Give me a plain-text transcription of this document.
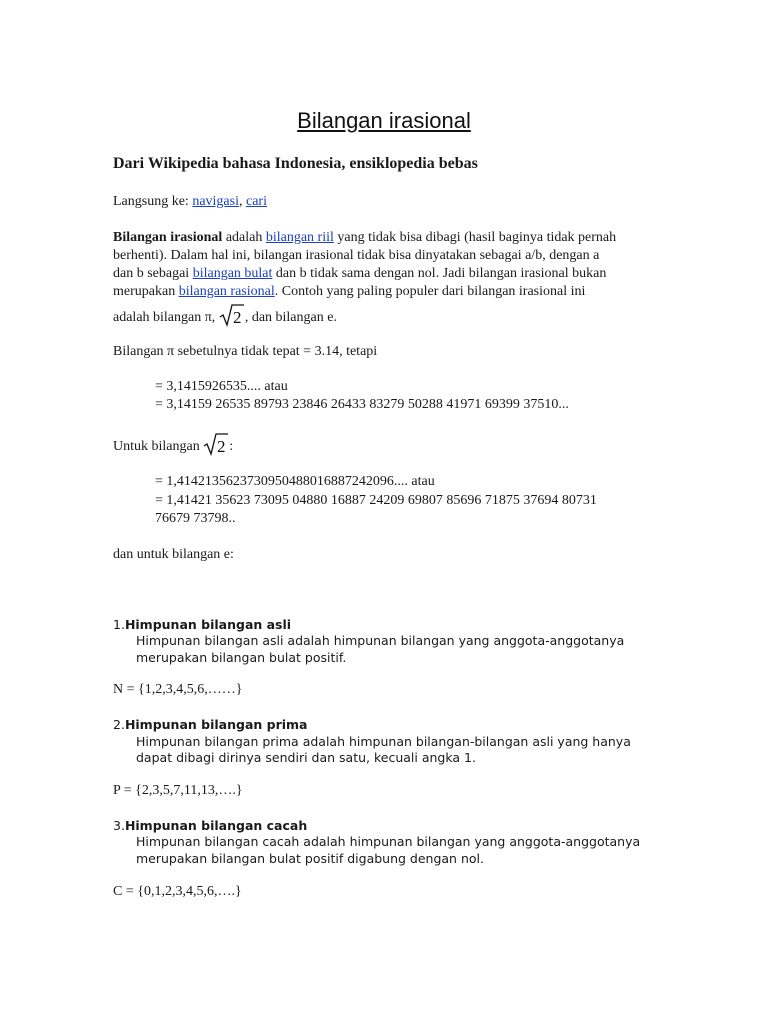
Bilangan irasional
Dari Wikipedia bahasa Indonesia, ensiklopedia bebas
Langsung ke: navigasi, cari
Bilangan irasional adalah bilangan riil yang tidak bisa dibagi (hasil baginya tidak pernah
berhenti). Dalam hal ini, bilangan irasional tidak bisa dinyatakan sebagai a/b, dengan a
dan b sebagai bilangan bulat dan b tidak sama dengan nol. Jadi bilangan irasional bukan
merupakan bilangan rasional. Contoh yang paling populer dari bilangan irasional ini
adalah bilangan π, 2 , dan bilangan e.
Bilangan π sebetulnya tidak tepat = 3.14, tetapi
= 3,1415926535.... atau
= 3,14159 26535 89793 23846 26433 83279 50288 41971 69399 37510...
Untuk bilangan 2 :
= 1,4142135623730950488016887242096.... atau
= 1,41421 35623 73095 04880 16887 24209 69807 85696 71875 37694 80731
76679 73798..
dan untuk bilangan e:
1.Himpunan bilangan asli
Himpunan bilangan asli adalah himpunan bilangan yang anggota-anggotanya
merupakan bilangan bulat positif.
N = {1,2,3,4,5,6,……}
2.Himpunan bilangan prima
Himpunan bilangan prima adalah himpunan bilangan-bilangan asli yang hanya
dapat dibagi dirinya sendiri dan satu, kecuali angka 1.
P = {2,3,5,7,11,13,….}
3.Himpunan bilangan cacah
Himpunan bilangan cacah adalah himpunan bilangan yang anggota-anggotanya
merupakan bilangan bulat positif digabung dengan nol.
C = {0,1,2,3,4,5,6,….}
